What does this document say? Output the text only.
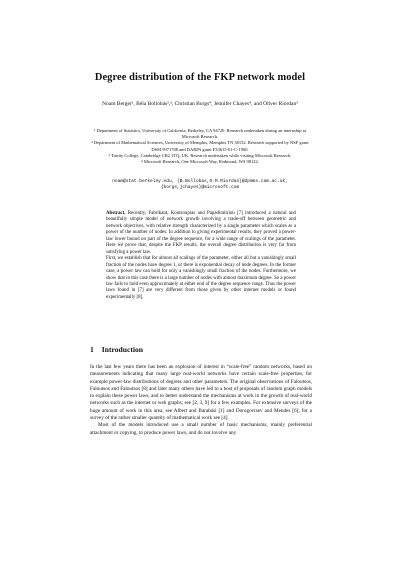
Degree distribution of the FKP network model
Noam Berger¹, Béla Bollobás²,³, Christian Borgs⁴, Jennifer Chayes⁴, and Oliver Riordan³

¹ Department of Statistics, University of California, Berkeley, CA 94720. Research undertaken during an internship at Microsoft Research.

² Department of Mathematical Sciences, University of Memphis, Memphis TN 38152. Research supported by NSF grant DSM 9971788 and DARPA grant F33615-01-C-1900.

³ Trinity College, Cambridge CB2 1TQ, UK. Research undertaken while visiting Microsoft Research.

⁴ Microsoft Research, One Microsoft Way, Redmond, WA 98122.

noam@stat.berkeley.edu, {B.Bollobas,O.M.Riordan}@dpmms.cam.ac.uk,
{borgs,jchayes}@microsoft.com

Abstract. Recently, Fabrikant, Koutsoupias and Papadimitriou [7] introduced a natural and beautifully simple model of network growth involving a trade-off between geometric and network objectives, with relative strength characterized by a single parameter which scales as a power of the number of nodes. In addition to giving experimental results, they proved a power-law lower bound on part of the degree sequence, for a wide range of scalings of the parameter. Here we prove that, despite the FKP results, the overall degree distribution is very far from satisfying a power law.

First, we establish that for almost all scalings of the parameter, either all but a vanishingly small fraction of the nodes have degree 1, or there is exponential decay of node degrees. In the former case, a power law can hold for only a vanishingly small fraction of the nodes. Furthermore, we show that in this case there is a large number of nodes with almost maximum degree. So a power law fails to hold even approximately at either end of the degree sequence range. Thus the power laws found in [7] are very different from those given by other internet models or found experimentally [8].

1 Introduction

In the last few years there has been an explosion of interest in “scale-free” random networks, based on measurements indicating that many large real-world networks have certain scale-free properties, for example power-law distributions of degrees and other parameters. The original observations of Faloutsos, Faloutsos and Faloutsos [8] and later many others have led to a host of proposals of random graph models to explain these power laws, and to better understand the mechanisms at work in the growth of real-world networks such as the internet or web graphs; see [2, 3, 9] for a few examples. For extensive surveys of the huge amount of work in this area, see Albert and Barabási [1] and Dorogovtsev and Mendes [6]; for a survey of the rather smaller quantity of mathematical work see [4].

Most of the models introduced use a small number of basic mechanisms, mainly preferential attachment or copying, to produce power laws, and do not involve any
